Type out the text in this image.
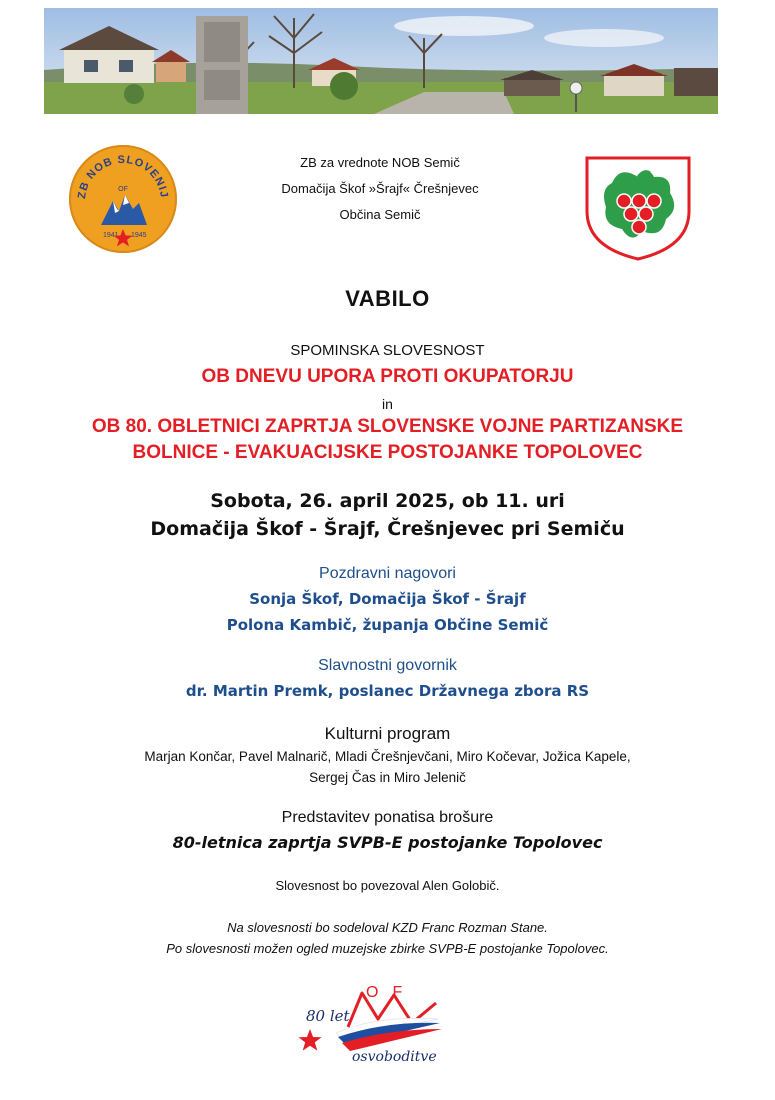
ZB NOB SLOVENIJ
OF
1941 1945
ZB za vrednote NOB Semič
Domačija Škof »Šrajf« Črešnjevec
Občina Semič
VABILO
SPOMINSKA SLOVESNOST
OB DNEVU UPORA PROTI OKUPATORJU
in
OB 80. OBLETNICI ZAPRTJA SLOVENSKE VOJNE PARTIZANSKE
BOLNICE - EVAKUACIJSKE POSTOJANKE TOPOLOVEC
Sobota, 26. april 2025, ob 11. uri
Domačija Škof - Šrajf, Črešnjevec pri Semiču
Pozdravni nagovori
Sonja Škof, Domačija Škof - Šrajf
Polona Kambič, županja Občine Semič
Slavnostni govornik
dr. Martin Premk, poslanec Državnega zbora RS
Kulturni program
Marjan Končar, Pavel Malnarič, Mladi Črešnjevčani, Miro Kočevar, Jožica Kapele,
Sergej Čas in Miro Jelenič
Predstavitev ponatisa brošure
80-letnica zaprtja SVPB-E postojanke Topolovec
Slovesnost bo povezoval Alen Golobič.
Na slovesnosti bo sodeloval KZD Franc Rozman Stane.
Po slovesnosti možen ogled muzejske zbirke SVPB-E postojanke Topolovec.
80 let
OF
osvoboditve
